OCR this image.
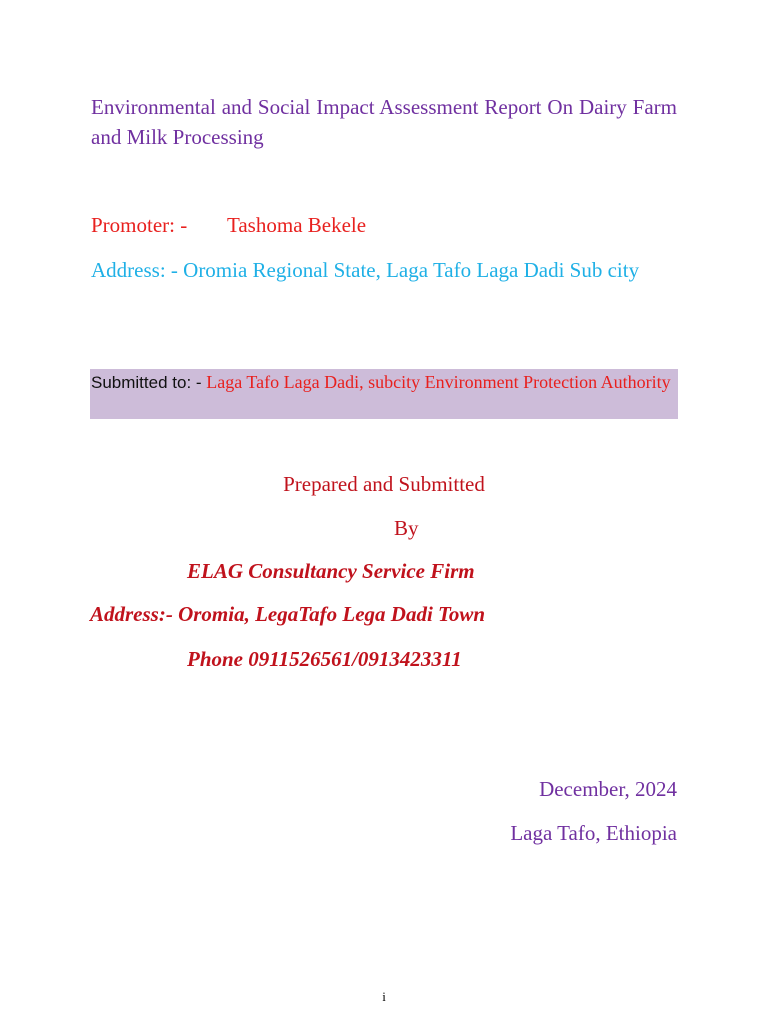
Environmental and Social Impact Assessment Report On Dairy Farm and Milk Processing
Promoter: - Tashoma Bekele
Address: - Oromia Regional State, Laga Tafo Laga Dadi Sub city
Submitted to: - Laga Tafo Laga Dadi, subcity Environment Protection Authority
Prepared and Submitted
By
ELAG Consultancy Service Firm
Address:- Oromia, LegaTafo Lega Dadi Town
Phone 0911526561/0913423311
December, 2024
Laga Tafo, Ethiopia
i
